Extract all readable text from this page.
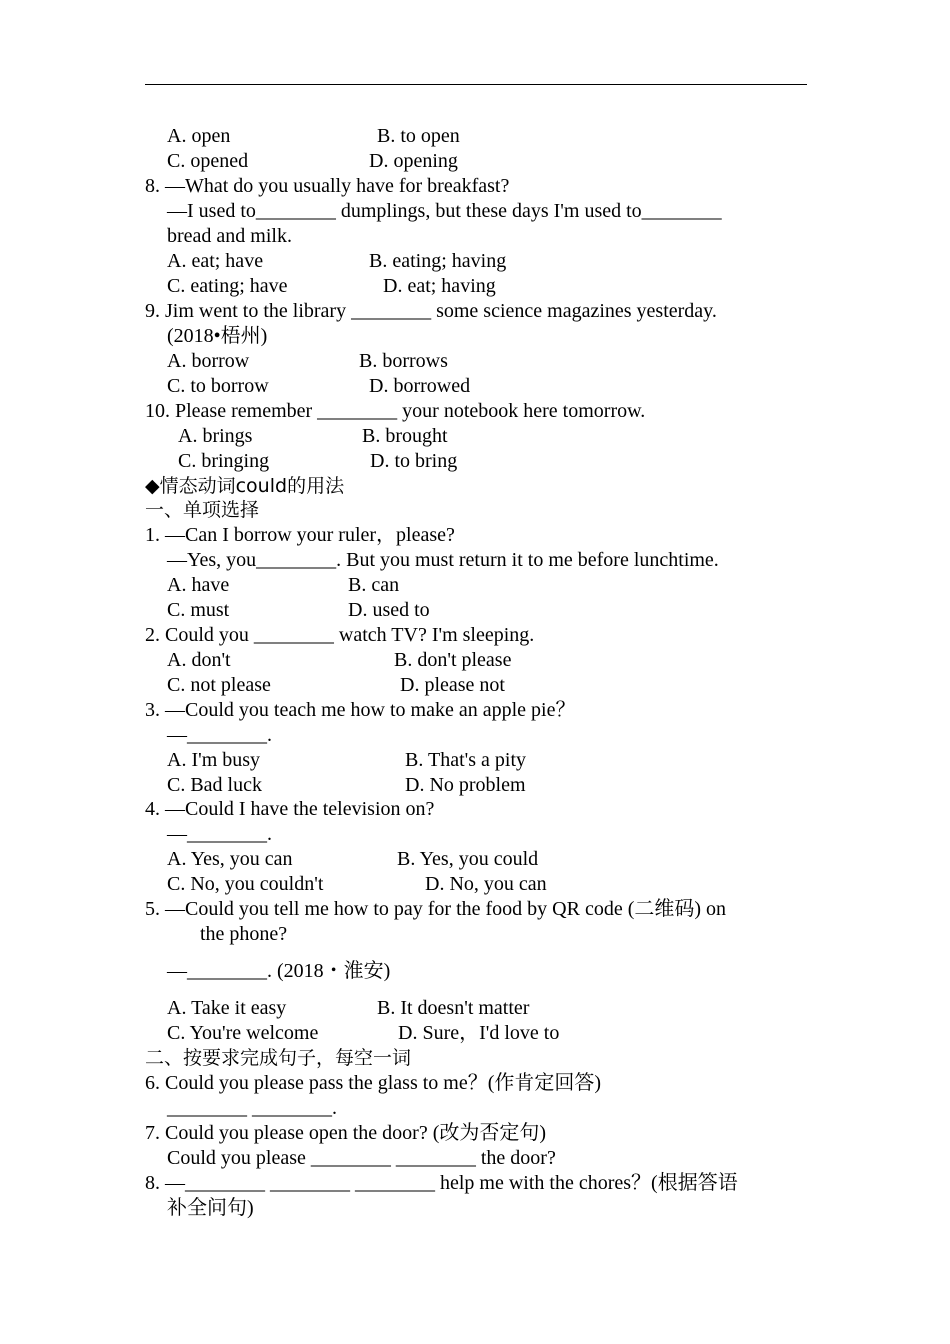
A. open	B. to open
C. opened	D. opening
8. —What do you usually have for breakfast?
—I used to________ dumplings, but these days I'm used to________
bread and milk.
A. eat; have	B. eating; having
C. eating; have	D. eat; having
9. Jim went to the library ________ some science magazines yesterday.
(2018•梧州)
A. borrow	B. borrows
C. to borrow	D. borrowed
10. Please remember ________ your notebook here tomorrow.
A. brings	B. brought
C. bringing	D. to bring
◆情态动词could的用法
一、单项选择
1. —Can I borrow your ruler，please?
—Yes, you________. But you must return it to me before lunchtime.
A. have	B. can
C. must	D. used to
2. Could you ________ watch TV? I'm sleeping.
A. don't	B. don't please
C. not please	D. please not
3. —Could you teach me how to make an apple pie？
—________.
A. I'm busy	B. That's a pity
C. Bad luck	D. No problem
4. —Could I have the television on?
—________.
A. Yes, you can	B. Yes, you could
C. No, you couldn't	D. No, you can
5. —Could you tell me how to pay for the food by QR code (二维码) on
the phone?
—________. (2018・淮安)
A. Take it easy	B. It doesn't matter
C. You're welcome	D. Sure，I'd love to
二、按要求完成句子，每空一词
6. Could you please pass the glass to me？(作肯定回答)
________ ________.
7. Could you please open the door? (改为否定句)
Could you please ________ ________ the door?
8. —________ ________ ________ help me with the chores？(根据答语
补全问句)
